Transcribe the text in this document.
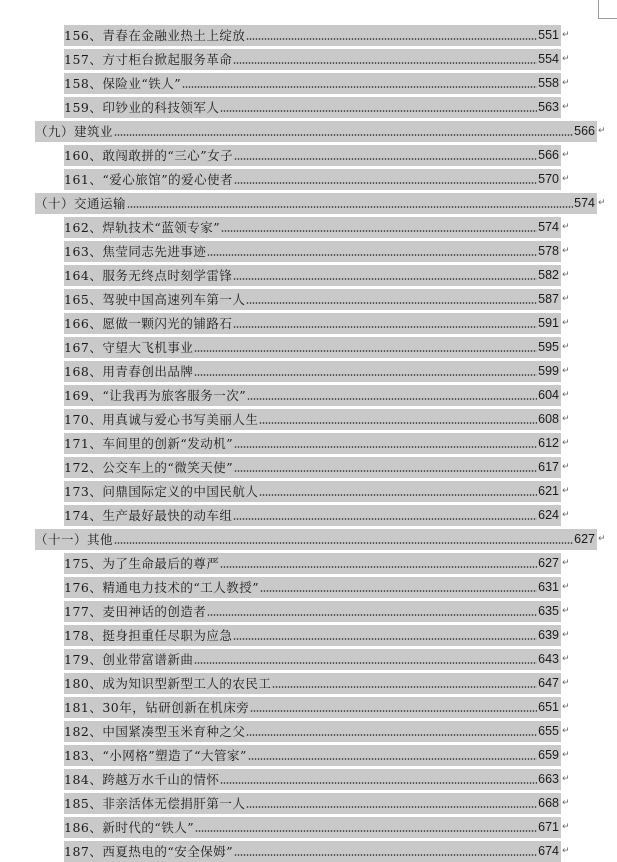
156、青春在金融业热土上绽放	551 ↵
157、方寸柜台掀起服务革命	554 ↵
158、保险业“铁人”	558 ↵
159、印钞业的科技领军人	563 ↵
（九）建筑业	566 ↵
160、敢闯敢拼的“三心”女子	566 ↵
161、“爱心旅馆”的爱心使者	570 ↵
（十）交通运输	574 ↵
162、焊轨技术“蓝领专家”	574 ↵
163、焦莹同志先进事迹	578 ↵
164、服务无终点时刻学雷锋	582 ↵
165、驾驶中国高速列车第一人	587 ↵
166、愿做一颗闪光的铺路石	591 ↵
167、守望大飞机事业	595 ↵
168、用青春创出品牌	599 ↵
169、“让我再为旅客服务一次”	604 ↵
170、用真诚与爱心书写美丽人生	608 ↵
171、车间里的创新“发动机”	612 ↵
172、公交车上的“微笑天使”	617 ↵
173、问鼎国际定义的中国民航人	621 ↵
174、生产最好最快的动车组	624 ↵
（十一）其他	627 ↵
175、为了生命最后的尊严	627 ↵
176、精通电力技术的“工人教授”	631 ↵
177、麦田神话的创造者	635 ↵
178、挺身担重任尽职为应急	639 ↵
179、创业带富谱新曲	643 ↵
180、成为知识型新型工人的农民工	647 ↵
181、30年，钻研创新在机床旁	651 ↵
182、中国紧凑型玉米育种之父	655 ↵
183、“小网格”塑造了“大管家”	659 ↵
184、跨越万水千山的情怀	663 ↵
185、非亲活体无偿捐肝第一人	668 ↵
186、新时代的“铁人”	671 ↵
187、西夏热电的“安全保姆”	674 ↵
